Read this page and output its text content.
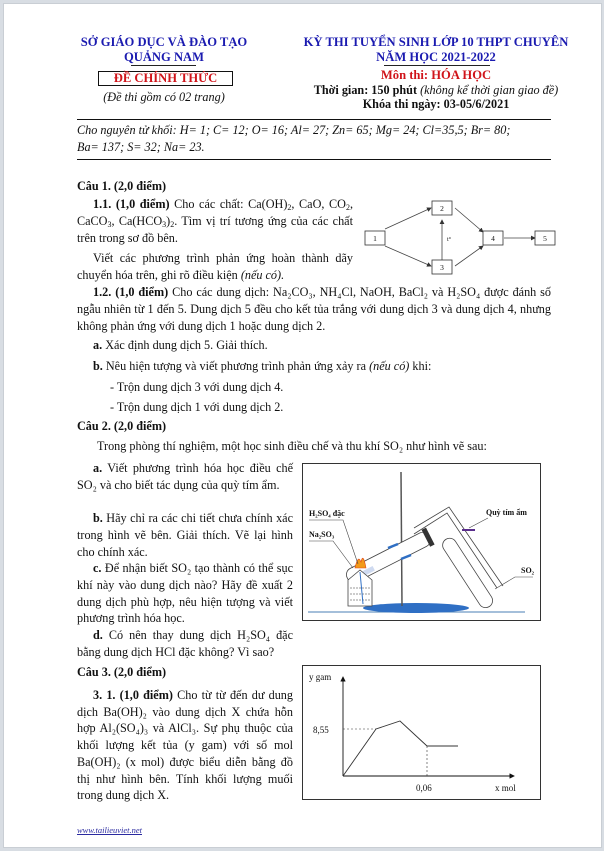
SỞ GIÁO DỤC VÀ ĐÀO TẠO
QUẢNG NAM
ĐỀ CHÍNH THỨC
(Đề thi gồm có 02 trang)
KỲ THI TUYỂN SINH LỚP 10 THPT CHUYÊN
NĂM HỌC 2021-2022
Môn thi: HÓA HỌC
Thời gian: 150 phút (không kể thời gian giao đề)
Khóa thi ngày: 03-05/6/2021
Cho nguyên tử khối: H= 1; C= 12; O= 16; Al= 27; Zn= 65; Mg= 24; Cl=35,5; Br= 80;
Ba= 137; S= 32; Na= 23.
Câu 1. (2,0 điểm)
1.1. (1,0 điểm) Cho các chất: $Ca(OH)_2$, CaO, $CO_2$, CaCO$_3$, $Ca(HCO_3)_2$. Tìm vị trí tương ứng của các chất trên trong sơ đồ bên.
Viết các phương trình phản ứng hoàn thành dãy chuyển hóa trên, ghi rõ điều kiện (nếu có).
1
2
3
4	5
t°
1.2. (1,0 điểm) Cho các dung dịch: Na₂CO₃, NH₄Cl, NaOH, BaCl₂ và H₂SO₄ được đánh số ngẫu nhiên từ 1 đến 5. Dung dịch 5 đều cho kết tủa trắng với dung dịch 3 và dung dịch 4, nhưng không phản ứng với dung dịch 1 hoặc dung dịch 2.
a. Xác định dung dịch 5. Giải thích.
b. Nêu hiện tượng và viết phương trình phản ứng xảy ra (nếu có) khi:
- Trộn dung dịch 3 với dung dịch 4.
- Trộn dung dịch 1 với dung dịch 2.
Câu 2. (2,0 điểm)
Trong phòng thí nghiệm, một học sinh điều chế và thu khí SO₂ như hình vẽ sau:
a. Viết phương trình hóa học điều chế SO₂ và cho biết tác dụng của quỳ tím ẩm.
b. Hãy chỉ ra các chi tiết chưa chính xác trong hình vẽ bên. Giải thích. Vẽ lại hình cho chính xác.
c. Để nhận biết SO₂ tạo thành có thể sục khí này vào dung dịch nào? Hãy đề xuất 2 dung dịch phù hợp, nêu hiện tượng và viết phương trình hóa học.
d. Có nên thay dung dịch H₂SO₄ đặc bằng dung dịch HCl đặc không? Vì sao?
H₂SO₄ đặc
Na₂SO₃
Quỳ tím ẩm
SO₂
Câu 3. (2,0 điểm)
3. 1. (1,0 điểm) Cho từ từ đến dư dung dịch Ba(OH)₂ vào dung dịch X chứa hỗn hợp Al₂(SO₄)₃ và AlCl₃. Sự phụ thuộc của khối lượng kết tủa (y gam) với số mol Ba(OH)₂ (x mol) được biểu diễn bằng đồ thị như hình bên. Tính khối lượng muối trong dung dịch X.
y gam
8,55
0,06	x mol
www.tailieuviet.net
